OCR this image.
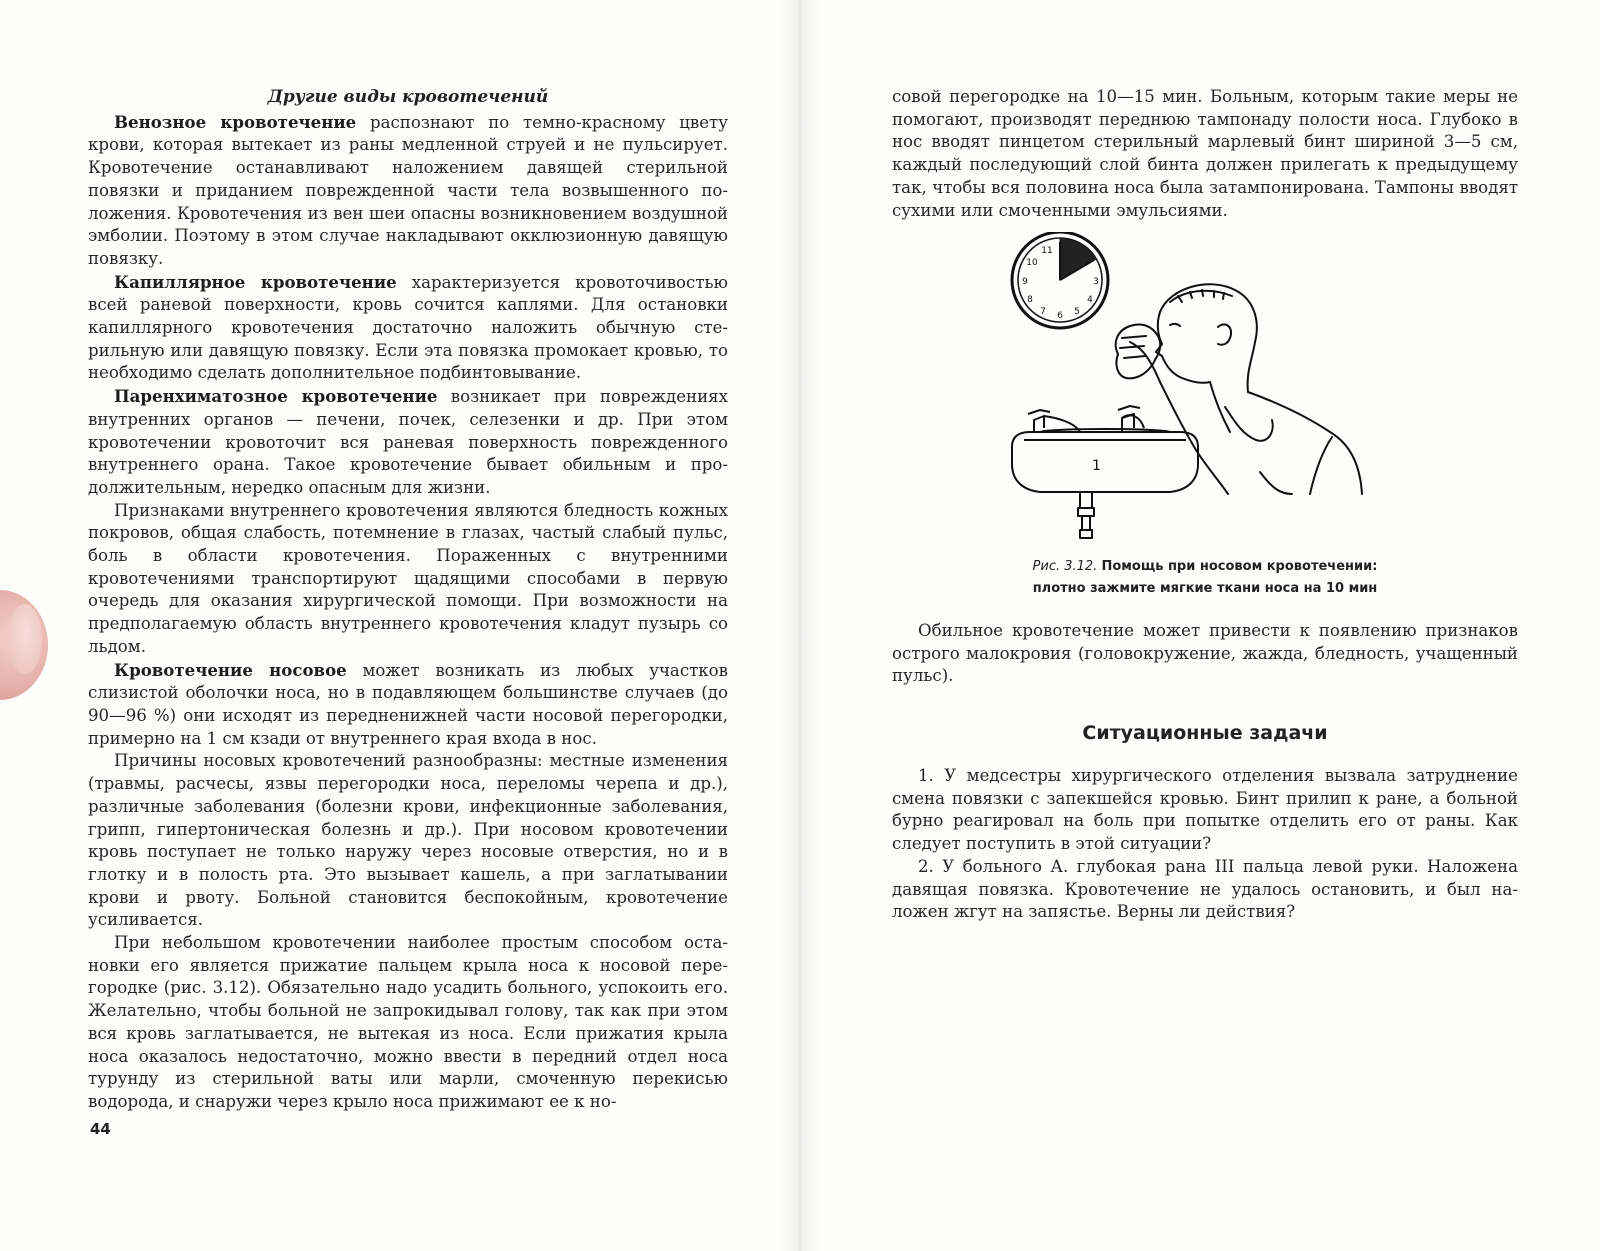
Другие виды кровотечений

Венозное кровотечение распознают по темно-красному цвету крови, которая вытекает из раны медленной струей и не пульсирует. Кровотечение останавливают наложением давящей стерильной повязки и приданием поврежденной части тела возвышенного положения. Кровотечения из вен шеи опасны возникновением воздушной эмболии. Поэтому в этом случае накладывают окклюзионную давящую повязку.

Капиллярное кровотечение характеризуется кровоточивостью всей раневой поверхности, кровь сочится каплями. Для остановки капиллярного кровотечения достаточно наложить обычную стерильную или давящую повязку. Если эта повязка промокает кровью, то необходимо сделать дополнительное подбинтовывание.

Паренхиматозное кровотечение возникает при повреждениях внутренних органов — печени, почек, селезенки и др. При этом кровотечении кровоточит вся раневая поверхность поврежденного внутреннего орана. Такое кровотечение бывает обильным и продолжительным, нередко опасным для жизни.

Признаками внутреннего кровотечения являются бледность кожных покровов, общая слабость, потемнение в глазах, частый слабый пульс, боль в области кровотечения. Пораженных с внутренними кровотечениями транспортируют щадящими способами в первую очередь для оказания хирургической помощи. При возможности на предполагаемую область внутреннего кровотечения кладут пузырь со льдом.

Кровотечение носовое может возникать из любых участков слизистой оболочки носа, но в подавляющем большинстве случаев (до 90—96 %) они исходят из передненижней части носовой перегородки, примерно на 1 см кзади от внутреннего края входа в нос.

Причины носовых кровотечений разнообразны: местные изменения (травмы, расчесы, язвы перегородки носа, переломы черепа и др.), различные заболевания (болезни крови, инфекционные заболевания, грипп, гипертоническая болезнь и др.). При носовом кровотечении кровь поступает не только наружу через носовые отверстия, но и в глотку и в полость рта. Это вызывает кашель, а при заглатывании крови и рвоту. Больной становится беспокойным, кровотечение усиливается.

При небольшом кровотечении наиболее простым способом остановки его является прижатие пальцем крыла носа к носовой перегородке (рис. 3.12). Обязательно надо усадить больного, успокоить его. Желательно, чтобы больной не запрокидывал голову, так как при этом вся кровь заглатывается, не вытекая из носа. Если прижатия крыла носа оказалось недостаточно, можно ввести в передний отдел носа турунду из стерильной ваты или марли, смоченную перекисью водорода, и снаружи через крыло носа прижимают ее к но-

44

совой перегородке на 10—15 мин. Больным, которым такие меры не помогают, производят переднюю тампонаду полости носа. Глубоко в нос вводят пинцетом стерильный марлевый бинт шириной 3—5 см, каждый последующий слой бинта должен прилегать к предыдущему так, чтобы вся половина носа была затампонирована. Тампоны вводят сухими или смоченными эмульсиями.

11
10
9
8
7 6 5
4
3
1
Рис. 3.12. Помощь при носовом кровотечении:
плотно зажмите мягкие ткани носа на 10 мин

Обильное кровотечение может привести к появлению признаков острого малокровия (головокружение, жажда, бледность, учащенный пульс).

Ситуационные задачи

1. У медсестры хирургического отделения вызвала затруднение смена повязки с запекшейся кровью. Бинт прилип к ране, а больной бурно реагировал на боль при попытке отделить его от раны. Как следует поступить в этой ситуации?

2. У больного А. глубокая рана III пальца левой руки. Наложена давящая повязка. Кровотечение не удалось остановить, и был наложен жгут на запястье. Верны ли действия?
